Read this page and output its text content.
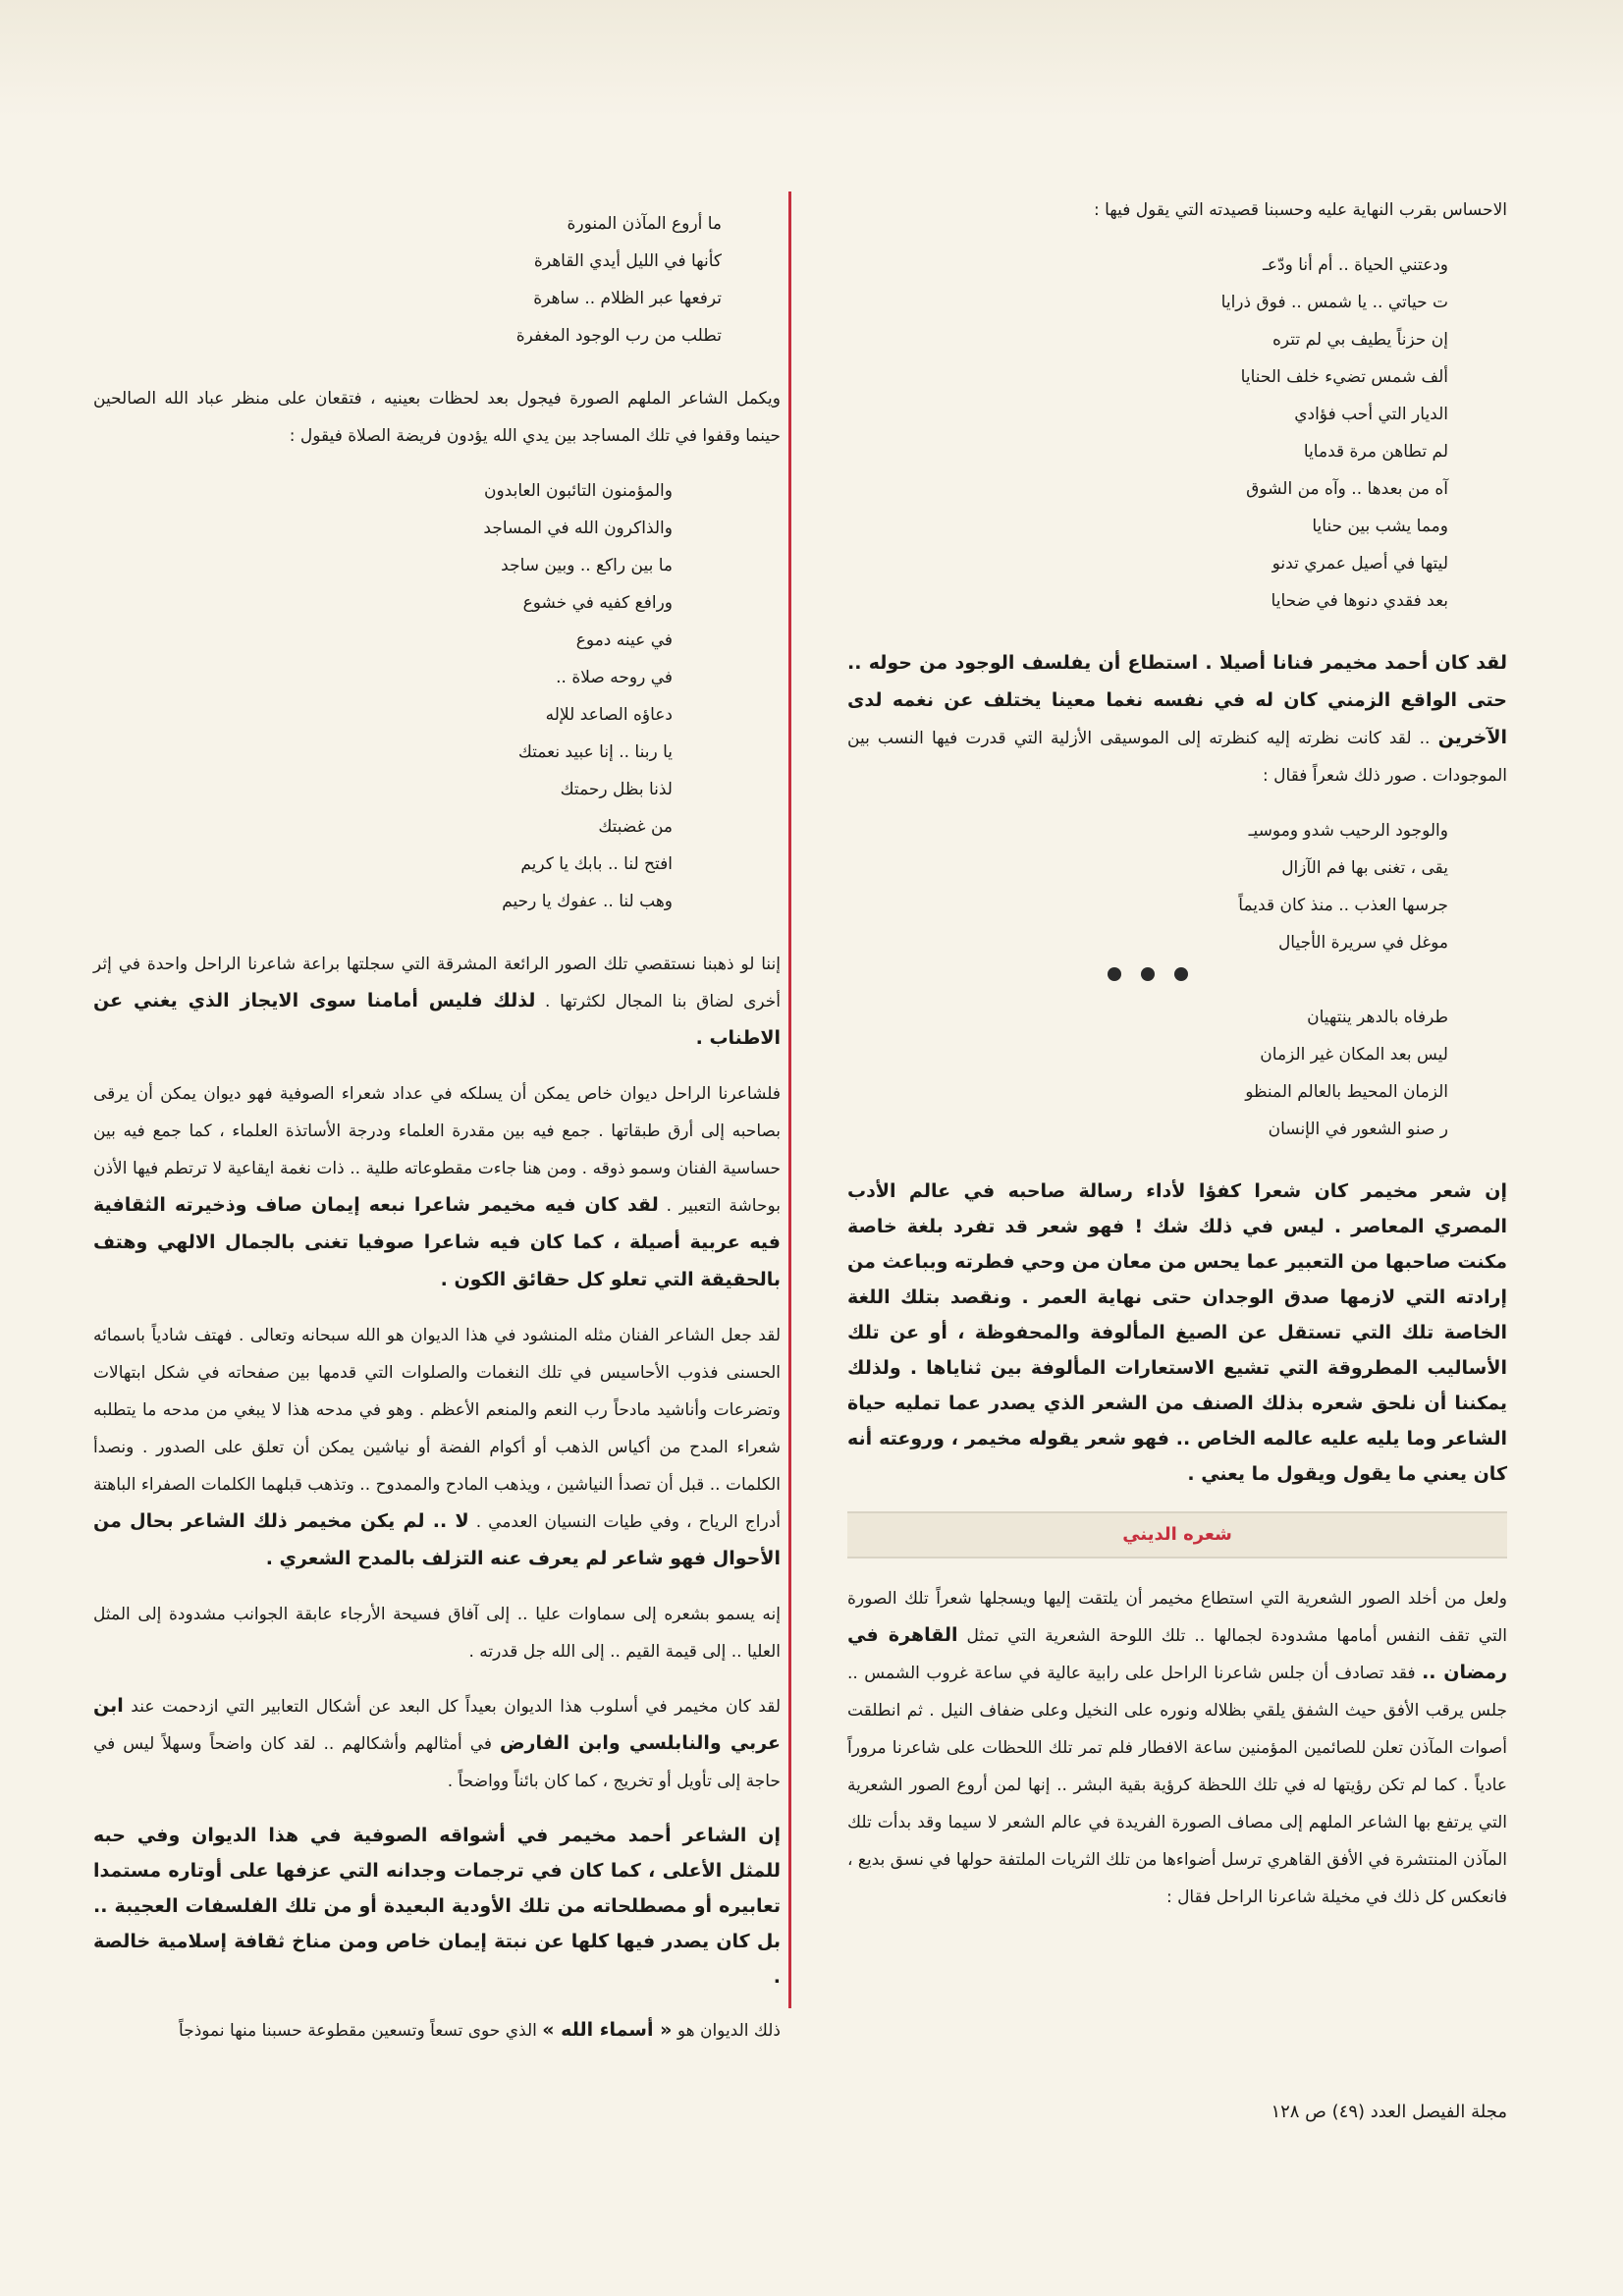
الاحساس بقرب النهاية عليه وحسبنا قصيدته التي يقول فيها :

ودعتني الحياة .. أم أنا ودّعـ
ت حياتي .. يا شمس .. فوق ذرايا
إن حزناً يطيف بي لم تتره
ألف شمس تضيء خلف الحنايا
الديار التي أحب فؤادي
لم تطاهن مرة قدمايا
آه من بعدها .. وآه من الشوق
ومما يشب بين حنايا
ليتها في أصيل عمري تدنو
بعد فقدي دنوها في ضحايا

لقد كان أحمد مخيمر فنانا أصيلا . استطاع أن يفلسف الوجود من حوله .. حتى الواقع الزمني كان له في نفسه نغما معينا يختلف عن نغمه لدى الآخرين .. لقد كانت نظرته إليه كنظرته إلى الموسيقى الأزلية التي قدرت فيها النسب بين الموجودات . صور ذلك شعراً فقال :

والوجود الرحيب شدو وموسيـ
يقى ، تغنى بها فم الآزال
جرسها العذب .. منذ كان قديماً
موغل في سريرة الأجيال
طرفاه بالدهر ينتهيان
ليس بعد المكان غير الزمان
الزمان المحيط بالعالم المنظو
ر صنو الشعور في الإنسان

إن شعر مخيمر كان شعرا كفؤا لأداء رسالة صاحبه في عالم الأدب المصري المعاصر . ليس في ذلك شك ! فهو شعر قد تفرد بلغة خاصة مكنت صاحبها من التعبير عما يحس من معان من وحي فطرته وبباعث من إرادته التي لازمها صدق الوجدان حتى نهاية العمر . ونقصد بتلك اللغة الخاصة تلك التي تستقل عن الصيغ المألوفة والمحفوظة ، أو عن تلك الأساليب المطروقة التي تشيع الاستعارات المألوفة بين ثناياها . ولذلك يمكننا أن نلحق شعره بذلك الصنف من الشعر الذي يصدر عما تمليه حياة الشاعر وما يليه عليه عالمه الخاص .. فهو شعر يقوله مخيمر ، وروعته أنه كان يعني ما يقول ويقول ما يعني .

شعره الديني

ولعل من أخلد الصور الشعرية التي استطاع مخيمر أن يلتقت إليها ويسجلها شعراً تلك الصورة التي تقف النفس أمامها مشدودة لجمالها .. تلك اللوحة الشعرية التي تمثل القاهرة في رمضان .. فقد تصادف أن جلس شاعرنا الراحل على رابية عالية في ساعة غروب الشمس .. جلس يرقب الأفق حيث الشفق يلقي بظلاله ونوره على النخيل وعلى ضفاف النيل . ثم انطلقت أصوات المآذن تعلن للصائمين المؤمنين ساعة الافطار فلم تمر تلك اللحظات على شاعرنا مروراً عادياً . كما لم تكن رؤيتها له في تلك اللحظة كرؤية بقية البشر .. إنها لمن أروع الصور الشعرية التي يرتفع بها الشاعر الملهم إلى مصاف الصورة الفريدة في عالم الشعر لا سيما وقد بدأت تلك المآذن المنتشرة في الأفق القاهري ترسل أضواءها من تلك الثريات الملتفة حولها في نسق بديع ، فانعكس كل ذلك في مخيلة شاعرنا الراحل فقال :

ما أروع المآذن المنورة
كأنها في الليل أيدي القاهرة
ترفعها عبر الظلام .. ساهرة
تطلب من رب الوجود المغفرة

ويكمل الشاعر الملهم الصورة فيجول بعد لحظات بعينيه ، فتقعان على منظر عباد الله الصالحين حينما وقفوا في تلك المساجد بين يدي الله يؤدون فريضة الصلاة فيقول :

والمؤمنون التائبون العابدون
والذاكرون الله في المساجد
ما بين راكع .. وبين ساجد
ورافع كفيه في خشوع
في عينه دموع
في روحه صلاة ..
دعاؤه الصاعد للإله
يا ربنا .. إنا عبيد نعمتك
لذنا بظل رحمتك
من غضبتك
افتح لنا .. بابك يا كريم
وهب لنا .. عفوك يا رحيم

إننا لو ذهبنا نستقصي تلك الصور الرائعة المشرقة التي سجلتها براعة شاعرنا الراحل واحدة في إثر أخرى لضاق بنا المجال لكثرتها . لذلك فليس أمامنا سوى الايجاز الذي يغني عن الاطناب .

فلشاعرنا الراحل ديوان خاص يمكن أن يسلكه في عداد شعراء الصوفية فهو ديوان يمكن أن يرقى بصاحبه إلى أرق طبقاتها . جمع فيه بين مقدرة العلماء ودرجة الأساتذة العلماء ، كما جمع فيه بين حساسية الفنان وسمو ذوقه . ومن هنا جاءت مقطوعاته طلية .. ذات نغمة ايقاعية لا ترتطم فيها الأذن بوحاشة التعبير . لقد كان فيه مخيمر شاعرا نبعه إيمان صاف وذخيرته الثقافية فيه عربية أصيلة ، كما كان فيه شاعرا صوفيا تغنى بالجمال الالهي وهتف بالحقيقة التي تعلو كل حقائق الكون .

لقد جعل الشاعر الفنان مثله المنشود في هذا الديوان هو الله سبحانه وتعالى . فهتف شادياً باسمائه الحسنى فذوب الأحاسيس في تلك النغمات والصلوات التي قدمها بين صفحاته في شكل ابتهالات وتضرعات وأناشيد مادحاً رب النعم والمنعم الأعظم . وهو في مدحه هذا لا يبغي من مدحه ما يتطلبه شعراء المدح من أكياس الذهب أو أكوام الفضة أو نياشين يمكن أن تعلق على الصدور . ونصدأ الكلمات .. قبل أن تصدأ النياشين ، ويذهب المادح والممدوح .. وتذهب قبلهما الكلمات الصفراء الباهتة أدراج الرياح ، وفي طيات النسيان العدمي . لا .. لم يكن مخيمر ذلك الشاعر بحال من الأحوال فهو شاعر لم يعرف عنه التزلف بالمدح الشعري .

إنه يسمو بشعره إلى سماوات عليا .. إلى آفاق فسيحة الأرجاء عابقة الجوانب مشدودة إلى المثل العليا .. إلى قيمة القيم .. إلى الله جل قدرته .

لقد كان مخيمر في أسلوب هذا الديوان بعيداً كل البعد عن أشكال التعابير التي ازدحمت عند ابن عربي والنابلسي وابن الفارض في أمثالهم وأشكالهم .. لقد كان واضحاً وسهلاً ليس في حاجة إلى تأويل أو تخريج ، كما كان بائناً وواضحاً .

إن الشاعر أحمد مخيمر في أشواقه الصوفية في هذا الديوان وفي حبه للمثل الأعلى ، كما كان في ترجمات وجدانه التي عزفها على أوتاره مستمدا تعابيره أو مصطلحاته من تلك الأودية البعيدة أو من تلك الفلسفات العجيبة .. بل كان يصدر فيها كلها عن نبتة إيمان خاص ومن مناخ ثقافة إسلامية خالصة .

ذلك الديوان هو « أسماء الله » الذي حوى تسعاً وتسعين مقطوعة حسبنا منها نموذجاً

مجلة الفيصل العدد (٤٩) ص ١٢٨
